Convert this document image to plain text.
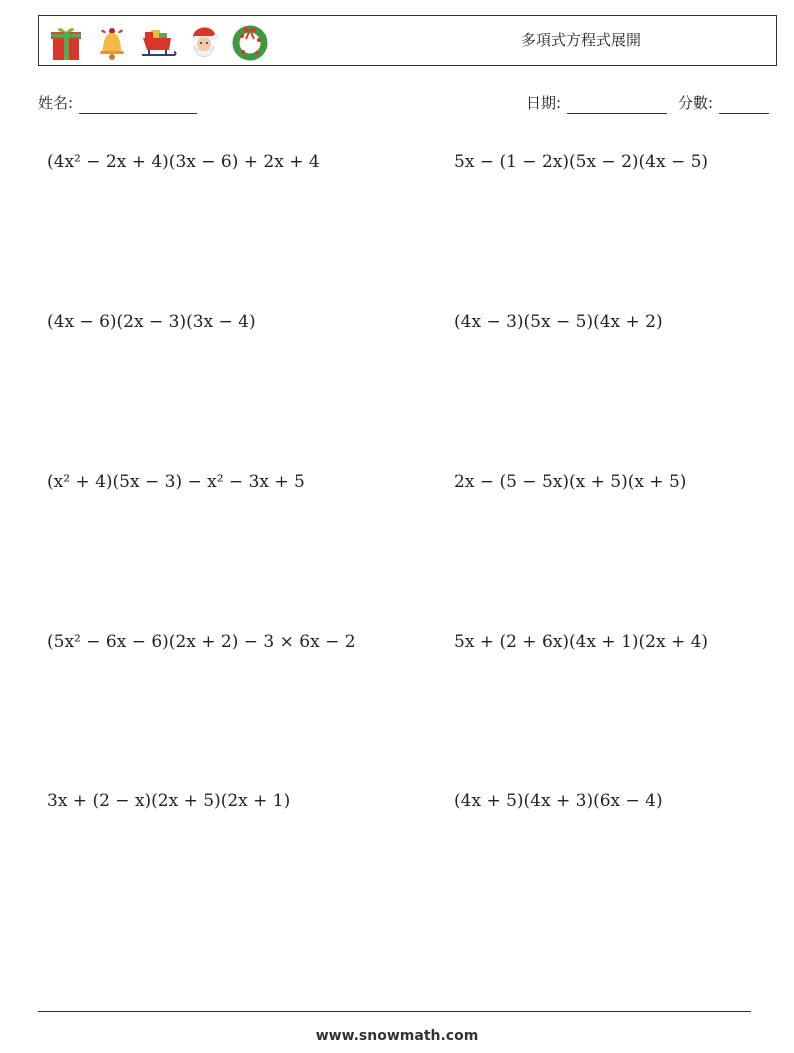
多項式方程式展開
姓名:	日期:	分數:
(4x² − 2x + 4)(3x − 6) + 2x + 4	5x − (1 − 2x)(5x − 2)(4x − 5)
(4x − 6)(2x − 3)(3x − 4)	(4x − 3)(5x − 5)(4x + 2)
(x² + 4)(5x − 3) − x² − 3x + 5	2x − (5 − 5x)(x + 5)(x + 5)
(5x² − 6x − 6)(2x + 2) − 3 × 6x − 2	5x + (2 + 6x)(4x + 1)(2x + 4)
3x + (2 − x)(2x + 5)(2x + 1)	(4x + 5)(4x + 3)(6x − 4)
www.snowmath.com
